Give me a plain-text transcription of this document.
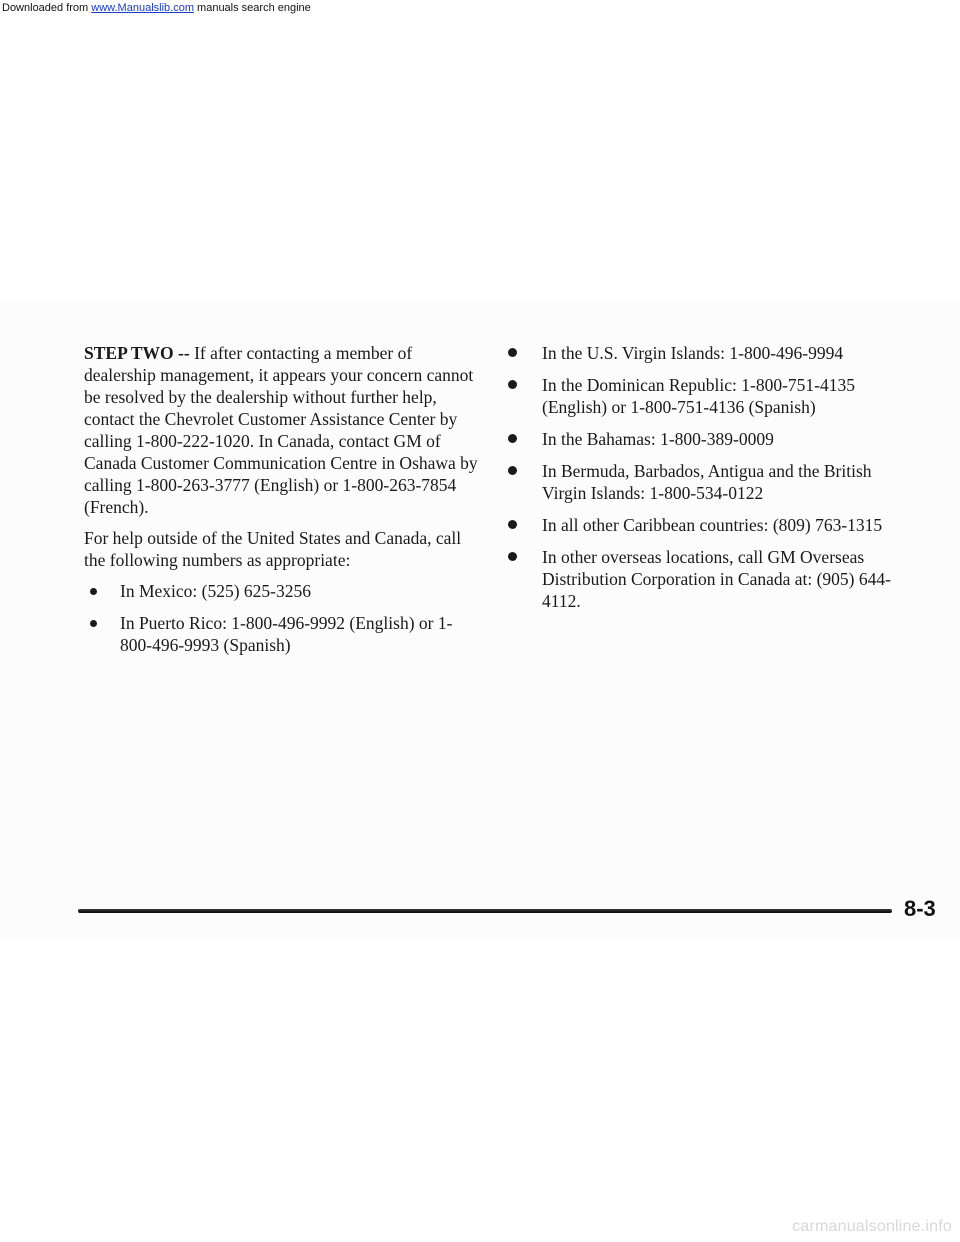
Downloaded from www.Manualslib.com manuals search engine

STEP TWO -- If after contacting a member of dealership management, it appears your concern cannot be resolved by the dealership without further help, contact the Chevrolet Customer Assistance Center by calling 1-800-222-1020. In Canada, contact GM of Canada Customer Communication Centre in Oshawa by calling 1-800-263-3777 (English) or 1-800-263-7854 (French).

For help outside of the United States and Canada, call the following numbers as appropriate:

In Mexico: (525) 625-3256
In Puerto Rico: 1-800-496-9992 (English) or 1-800-496-9993 (Spanish)
In the U.S. Virgin Islands: 1-800-496-9994
In the Dominican Republic: 1-800-751-4135 (English) or 1-800-751-4136 (Spanish)
In the Bahamas: 1-800-389-0009
In Bermuda, Barbados, Antigua and the British Virgin Islands: 1-800-534-0122
In all other Caribbean countries: (809) 763-1315
In other overseas locations, call GM Overseas Distribution Corporation in Canada at: (905) 644-4112.
8-3
carmanualsonline.info
